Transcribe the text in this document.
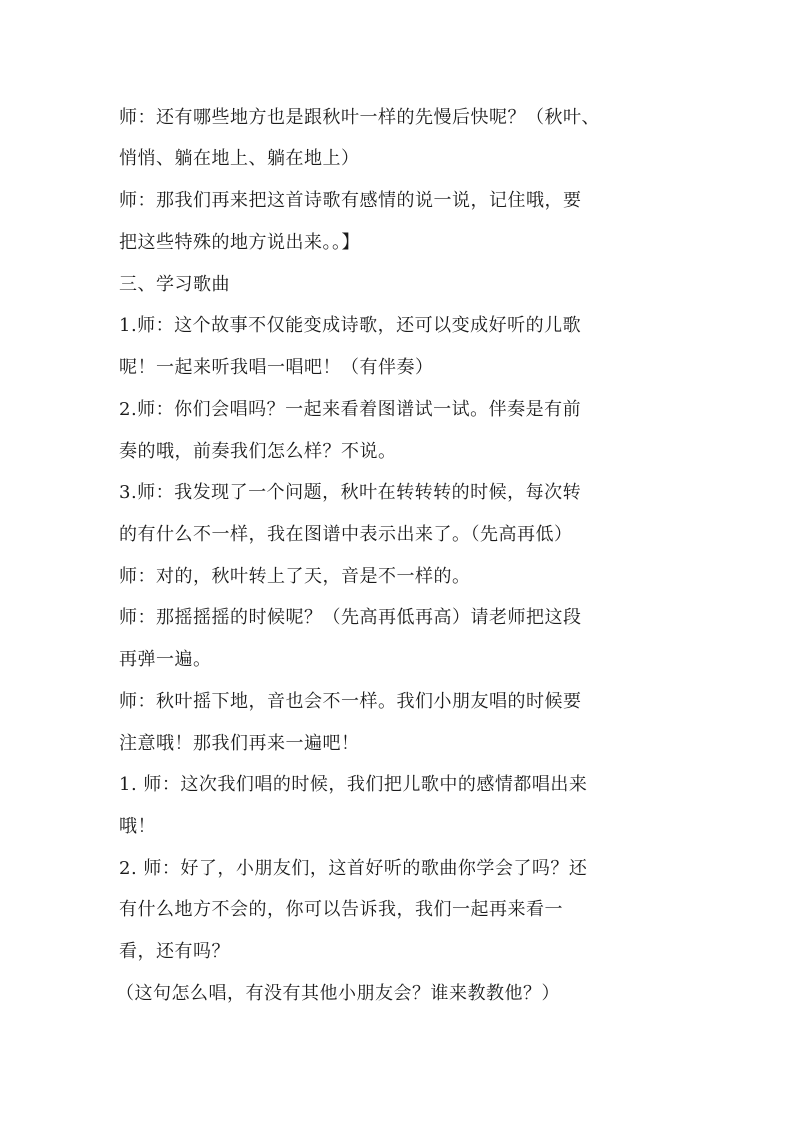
师：还有哪些地方也是跟秋叶一样的先慢后快呢？（秋叶、
悄悄、躺在地上、躺在地上）
师：那我们再来把这首诗歌有感情的说一说，记住哦，要
把这些特殊的地方说出来。。】
三、学习歌曲
1.师：这个故事不仅能变成诗歌，还可以变成好听的儿歌
呢！一起来听我唱一唱吧！（有伴奏）
2.师：你们会唱吗？一起来看着图谱试一试。伴奏是有前
奏的哦，前奏我们怎么样？不说。
3.师：我发现了一个问题，秋叶在转转转的时候，每次转
的有什么不一样，我在图谱中表示出来了。（先高再低）
师：对的，秋叶转上了天，音是不一样的。
师：那摇摇摇的时候呢？（先高再低再高）请老师把这段
再弹一遍。
师：秋叶摇下地，音也会不一样。我们小朋友唱的时候要
注意哦！那我们再来一遍吧！
1. 师：这次我们唱的时候，我们把儿歌中的感情都唱出来
哦！
2. 师：好了，小朋友们，这首好听的歌曲你学会了吗？还
有什么地方不会的，你可以告诉我，我们一起再来看一
看，还有吗？
（这句怎么唱，有没有其他小朋友会？谁来教教他？）
